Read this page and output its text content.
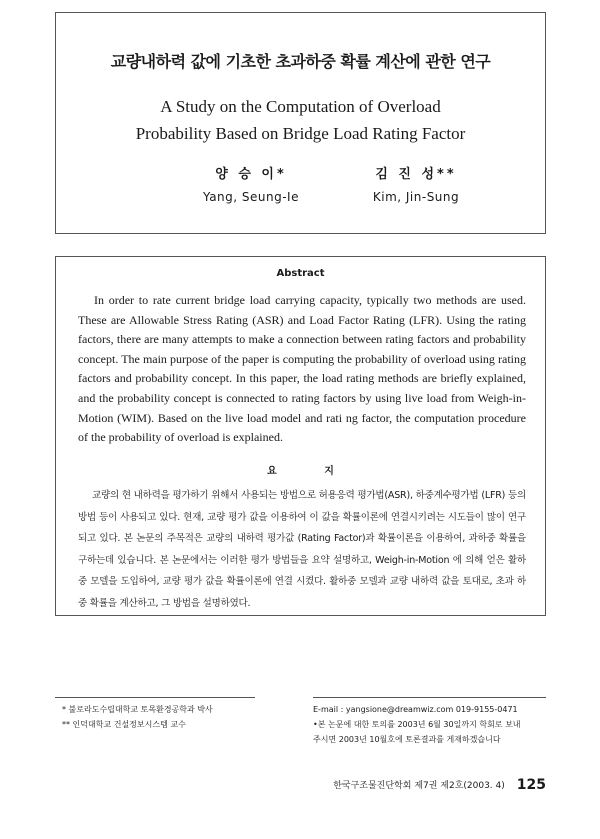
교량내하력 값에 기초한 초과하중 확률 계산에 관한 연구
A Study on the Computation of Overload
Probability Based on Bridge Load Rating Factor
양 승 이*
Yang, Seung-Ie
김 진 성**
Kim, Jin-Sung
Abstract

In order to rate current bridge load carrying capacity, typically two methods are used. These are Allowable Stress Rating (ASR) and Load Factor Rating (LFR). Using the rating factors, there are many attempts to make a connection between rating factors and probability concept. The main purpose of the paper is computing the probability of overload using rating factors and probability concept. In this paper, the load rating methods are briefly explained, and the probability concept is connected to rating factors by using live load from Weigh-in-Motion (WIM). Based on the live load model and rati ng factor, the computation procedure of the probability of overload is explained.

요 지

교량의 현 내하력을 평가하기 위해서 사용되는 방법으로 허용응력 평가법(ASR), 하중계수평가법 (LFR) 등의 방법 등이 사용되고 있다. 현재, 교량 평가 값을 이용하여 이 값을 확률이론에 연결시키려는 시도들이 많이 연구되고 있다. 본 논문의 주목적은 교량의 내하력 평가값 (Rating Factor)과 확률이론을 이용하여, 과하중 확률을 구하는데 있습니다. 본 논문에서는 이러한 평가 방법들을 요약 설명하고, Weigh-in-Motion 에 의해 얻은 활하중 모델을 도입하여, 교량 평가 값을 확률이론에 연결 시켰다. 활하중 모델과 교량 내하력 값을 토대로, 초과 하중 확률을 계산하고, 그 방법을 설명하였다.

* 불로라도수립대학교 토목환경공학과 박사
** 인덕대학교 건설정보시스템 교수
E-mail : yangsione@dreamwiz.com 019-9155-0471
•본 논문에 대한 토의를 2003년 6월 30일까지 학회로 보내
주시면 2003년 10월호에 토론결과를 게재하겠습니다
한국구조물진단학회 제7권 제2호(2003. 4) 125
